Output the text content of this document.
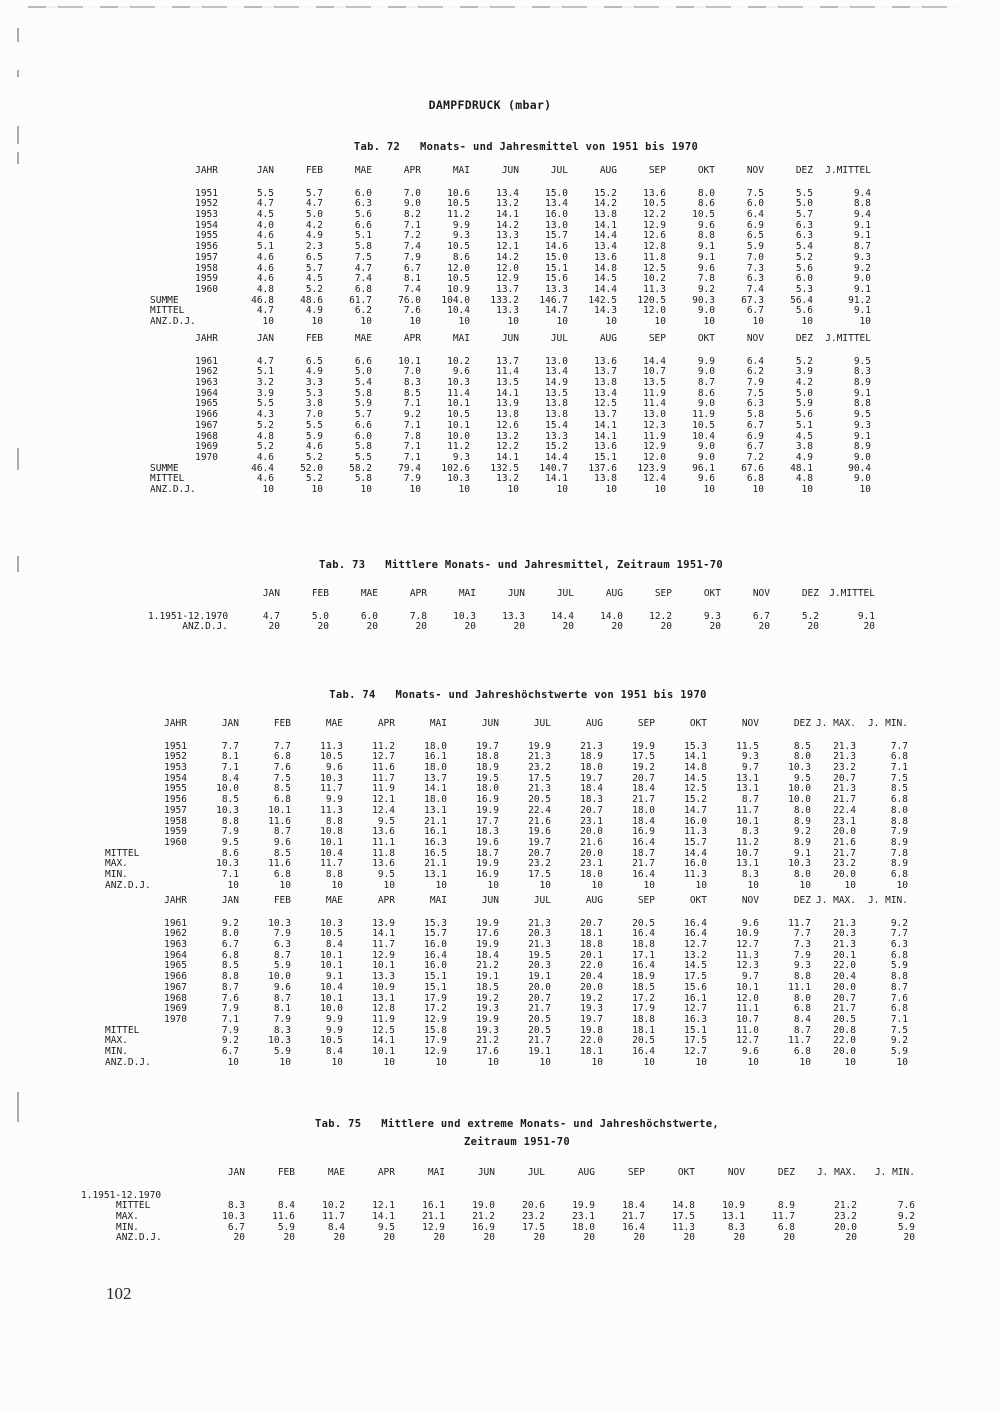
DAMPFDRUCK (mbar)
Tab. 72   Monats- und Jahresmittel von 1951 bis 1970
JAHR	JAN	FEB	MAE	APR	MAI	JUN	JUL	AUG	SEP	OKT	NOV	DEZ	J.MITTEL
1951	5.5	5.7	6.0	7.0	10.6	13.4	15.0	15.2	13.6	8.0	7.5	5.5	9.4
1952	4.7	4.7	6.3	9.0	10.5	13.2	13.4	14.2	10.5	8.6	6.0	5.0	8.8
1953	4.5	5.0	5.6	8.2	11.2	14.1	16.0	13.8	12.2	10.5	6.4	5.7	9.4
1954	4.0	4.2	6.6	7.1	9.9	14.2	13.0	14.1	12.9	9.6	6.9	6.3	9.1
1955	4.6	4.9	5.1	7.2	9.3	13.3	15.7	14.4	12.6	8.8	6.5	6.3	9.1
1956	5.1	2.3	5.8	7.4	10.5	12.1	14.6	13.4	12.8	9.1	5.9	5.4	8.7
1957	4.6	6.5	7.5	7.9	8.6	14.2	15.0	13.6	11.8	9.1	7.0	5.2	9.3
1958	4.6	5.7	4.7	6.7	12.0	12.0	15.1	14.8	12.5	9.6	7.3	5.6	9.2
1959	4.6	4.5	7.4	8.1	10.5	12.9	15.6	14.5	10.2	7.8	6.3	6.0	9.0
1960	4.8	5.2	6.8	7.4	10.9	13.7	13.3	14.4	11.3	9.2	7.4	5.3	9.1
SUMME	46.8	48.6	61.7	76.0	104.0	133.2	146.7	142.5	120.5	90.3	67.3	56.4	91.2
MITTEL	4.7	4.9	6.2	7.6	10.4	13.3	14.7	14.3	12.0	9.0	6.7	5.6	9.1
ANZ.D.J.	10	10	10	10	10	10	10	10	10	10	10	10	10
JAHR	JAN	FEB	MAE	APR	MAI	JUN	JUL	AUG	SEP	OKT	NOV	DEZ	J.MITTEL
1961	4.7	6.5	6.6	10.1	10.2	13.7	13.0	13.6	14.4	9.9	6.4	5.2	9.5
1962	5.1	4.9	5.0	7.0	9.6	11.4	13.4	13.7	10.7	9.0	6.2	3.9	8.3
1963	3.2	3.3	5.4	8.3	10.3	13.5	14.9	13.8	13.5	8.7	7.9	4.2	8.9
1964	3.9	5.3	5.8	8.5	11.4	14.1	13.5	13.4	11.9	8.6	7.5	5.0	9.1
1965	5.5	3.8	5.9	7.1	10.1	13.9	13.8	12.5	11.4	9.0	6.3	5.9	8.8
1966	4.3	7.0	5.7	9.2	10.5	13.8	13.8	13.7	13.0	11.9	5.8	5.6	9.5
1967	5.2	5.5	6.6	7.1	10.1	12.6	15.4	14.1	12.3	10.5	6.7	5.1	9.3
1968	4.8	5.9	6.0	7.8	10.0	13.2	13.3	14.1	11.9	10.4	6.9	4.5	9.1
1969	5.2	4.6	5.8	7.1	11.2	12.2	15.2	13.6	12.9	9.0	6.7	3.8	8.9
1970	4.6	5.2	5.5	7.1	9.3	14.1	14.4	15.1	12.0	9.0	7.2	4.9	9.0
SUMME	46.4	52.0	58.2	79.4	102.6	132.5	140.7	137.6	123.9	96.1	67.6	48.1	90.4
MITTEL	4.6	5.2	5.8	7.9	10.3	13.2	14.1	13.8	12.4	9.6	6.8	4.8	9.0
ANZ.D.J.	10	10	10	10	10	10	10	10	10	10	10	10	10
Tab. 73   Mittlere Monats- und Jahresmittel, Zeitraum 1951-70
JAN	FEB	MAE	APR	MAI	JUN	JUL	AUG	SEP	OKT	NOV	DEZ	J.MITTEL
1.1951-12.1970	4.7	5.0	6.0	7.8	10.3	13.3	14.4	14.0	12.2	9.3	6.7	5.2	9.1
ANZ.D.J.	20	20	20	20	20	20	20	20	20	20	20	20	20
Tab. 74   Monats- und Jahreshöchstwerte von 1951 bis 1970
JAHR	JAN	FEB	MAE	APR	MAI	JUN	JUL	AUG	SEP	OKT	NOV	DEZ J. MAX.	J. MIN.
1951	7.7	7.7	11.3	11.2	18.0	19.7	19.9	21.3	19.9	15.3	11.5	8.5	21.3	7.7
1952	8.1	6.8	10.5	12.7	16.1	18.8	21.3	18.9	17.5	14.1	9.3	8.0	21.3	6.8
1953	7.1	7.6	9.6	11.6	18.0	18.9	23.2	18.0	19.2	14.8	9.7	10.3	23.2	7.1
1954	8.4	7.5	10.3	11.7	13.7	19.5	17.5	19.7	20.7	14.5	13.1	9.5	20.7	7.5
1955	10.0	8.5	11.7	11.9	14.1	18.0	21.3	18.4	18.4	12.5	13.1	10.0	21.3	8.5
1956	8.5	6.8	9.9	12.1	18.0	16.9	20.5	18.3	21.7	15.2	8.7	10.0	21.7	6.8
1957	10.3	10.1	11.3	12.4	13.1	19.9	22.4	20.7	18.0	14.7	11.7	8.0	22.4	8.0
1958	8.8	11.6	8.8	9.5	21.1	17.7	21.6	23.1	18.4	16.0	10.1	8.9	23.1	8.8
1959	7.9	8.7	10.8	13.6	16.1	18.3	19.6	20.0	16.9	11.3	8.3	9.2	20.0	7.9
1960	9.5	9.6	10.1	11.1	16.3	19.6	19.7	21.6	16.4	15.7	11.2	8.9	21.6	8.9
MITTEL	8.6	8.5	10.4	11.8	16.5	18.7	20.7	20.0	18.7	14.4	10.7	9.1	21.7	7.8
MAX.	10.3	11.6	11.7	13.6	21.1	19.9	23.2	23.1	21.7	16.0	13.1	10.3	23.2	8.9
MIN.	7.1	6.8	8.8	9.5	13.1	16.9	17.5	18.0	16.4	11.3	8.3	8.0	20.0	6.8
ANZ.D.J.	10	10	10	10	10	10	10	10	10	10	10	10	10	10
JAHR	JAN	FEB	MAE	APR	MAI	JUN	JUL	AUG	SEP	OKT	NOV	DEZ J. MAX.	J. MIN.
1961	9.2	10.3	10.3	13.9	15.3	19.9	21.3	20.7	20.5	16.4	9.6	11.7	21.3	9.2
1962	8.0	7.9	10.5	14.1	15.7	17.6	20.3	18.1	16.4	16.4	10.9	7.7	20.3	7.7
1963	6.7	6.3	8.4	11.7	16.0	19.9	21.3	18.8	18.8	12.7	12.7	7.3	21.3	6.3
1964	6.8	8.7	10.1	12.9	16.4	18.4	19.5	20.1	17.1	13.2	11.3	7.9	20.1	6.8
1965	8.5	5.9	10.1	10.1	16.0	21.2	20.3	22.0	16.4	14.5	12.3	9.3	22.0	5.9
1966	8.8	10.0	9.1	13.3	15.1	19.1	19.1	20.4	18.9	17.5	9.7	8.8	20.4	8.8
1967	8.7	9.6	10.4	10.9	15.1	18.5	20.0	20.0	18.5	15.6	10.1	11.1	20.0	8.7
1968	7.6	8.7	10.1	13.1	17.9	19.2	20.7	19.2	17.2	16.1	12.0	8.0	20.7	7.6
1969	7.9	8.1	10.0	12.8	17.2	19.3	21.7	19.3	17.9	12.7	11.1	6.8	21.7	6.8
1970	7.1	7.9	9.9	11.9	12.9	19.9	20.5	19.7	18.8	16.3	10.7	8.4	20.5	7.1
MITTEL	7.9	8.3	9.9	12.5	15.8	19.3	20.5	19.8	18.1	15.1	11.0	8.7	20.8	7.5
MAX.	9.2	10.3	10.5	14.1	17.9	21.2	21.7	22.0	20.5	17.5	12.7	11.7	22.0	9.2
MIN.	6.7	5.9	8.4	10.1	12.9	17.6	19.1	18.1	16.4	12.7	9.6	6.8	20.0	5.9
ANZ.D.J.	10	10	10	10	10	10	10	10	10	10	10	10	10	10
Tab. 75   Mittlere und extreme Monats- und Jahreshöchstwerte,
Zeitraum 1951-70
JAN	FEB	MAE	APR	MAI	JUN	JUL	AUG	SEP	OKT	NOV	DEZ	J. MAX.	J. MIN.
1.1951-12.1970
MITTEL	8.3	8.4	10.2	12.1	16.1	19.0	20.6	19.9	18.4	14.8	10.9	8.9	21.2	7.6
MAX.	10.3	11.6	11.7	14.1	21.1	21.2	23.2	23.1	21.7	17.5	13.1	11.7	23.2	9.2
MIN.	6.7	5.9	8.4	9.5	12.9	16.9	17.5	18.0	16.4	11.3	8.3	6.8	20.0	5.9
ANZ.D.J.	20	20	20	20	20	20	20	20	20	20	20	20	20	20
102
